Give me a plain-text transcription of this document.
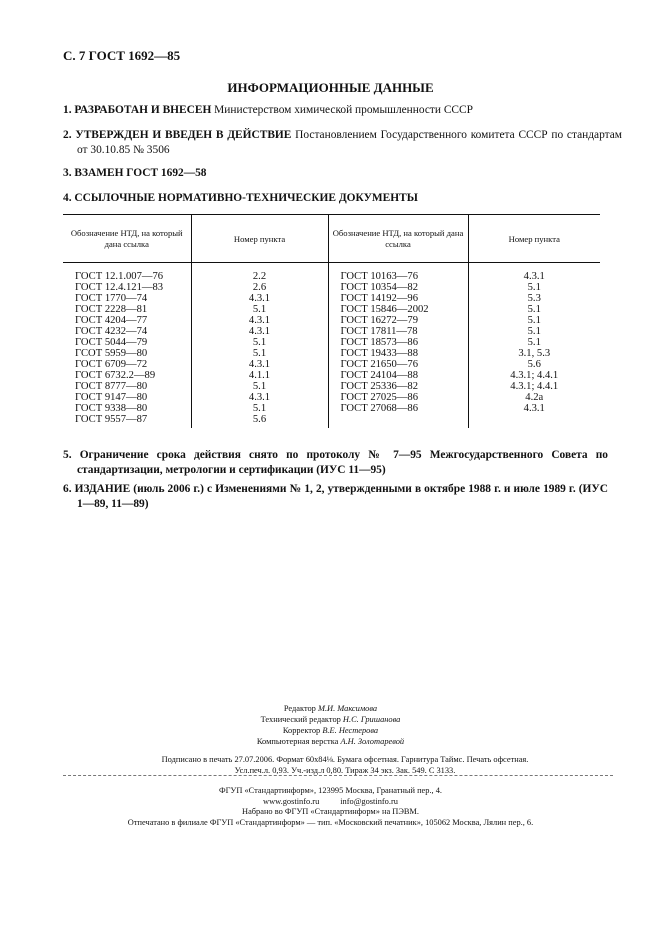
С. 7 ГОСТ 1692—85
ИНФОРМАЦИОННЫЕ ДАННЫЕ
1. РАЗРАБОТАН И ВНЕСЕН Министерством химической промышленности СССР
2. УТВЕРЖДЕН И ВВЕДЕН В ДЕЙСТВИЕ Постановлением Государственного комитета СССР по стандартам от 30.10.85 № 3506
3. ВЗАМЕН ГОСТ 1692—58
4. ССЫЛОЧНЫЕ НОРМАТИВНО-ТЕХНИЧЕСКИЕ ДОКУМЕНТЫ
Обозначение НТД, на который дана ссылка	Номер пункта	Обозначение НТД, на который дана ссылка	Номер пункта
ГОСТ 12.1.007—76	2.2	ГОСТ 10163—76	4.3.1
ГОСТ 12.4.121—83	2.6	ГОСТ 10354—82	5.1
ГОСТ 1770—74	4.3.1	ГОСТ 14192—96	5.3
ГОСТ 2228—81	5.1	ГОСТ 15846—2002	5.1
ГОСТ 4204—77	4.3.1	ГОСТ 16272—79	5.1
ГОСТ 4232—74	4.3.1	ГОСТ 17811—78	5.1
ГОСТ 5044—79	5.1	ГОСТ 18573—86	5.1
ГСОТ 5959—80	5.1	ГОСТ 19433—88	3.1, 5.3
ГОСТ 6709—72	4.3.1	ГОСТ 21650—76	5.6
ГОСТ 6732.2—89	4.1.1	ГОСТ 24104—88	4.3.1; 4.4.1
ГОСТ 8777—80	5.1	ГОСТ 25336—82	4.3.1; 4.4.1
ГОСТ 9147—80	4.3.1	ГОСТ 27025—86	4.2а
ГОСТ 9338—80	5.1	ГОСТ 27068—86	4.3.1
ГОСТ 9557—87	5.6		
5. Ограничение срока действия снято по протоколу № 7—95 Межгосударственного Совета по стандартизации, метрологии и сертификации (ИУС 11—95)
6. ИЗДАНИЕ (июль 2006 г.) с Изменениями № 1, 2, утвержденными в октябре 1988 г. и июле 1989 г. (ИУС 1—89, 11—89)
Редактор М.И. Максимова
Технический редактор Н.С. Гришанова
Корректор В.Е. Нестерова
Компьютерная верстка А.Н. Золотаревой
Подписано в печать 27.07.2006. Формат 60x84⅛. Бумага офсетная. Гарнитура Таймс. Печать офсетная.
Усл.печ.л. 0,93. Уч.-изд.л 0,80. Тираж 34 экз. Зак. 549. С 3133.
ФГУП «Стандартинформ», 123995 Москва, Гранатный пер., 4.
www.gostinfo.ru          info@gostinfo.ru
Набрано во ФГУП «Стандартинформ» на ПЭВМ.
Отпечатано в филиале ФГУП «Стандартинформ» — тип. «Московский печатник», 105062 Москва, Лялин пер., 6.
